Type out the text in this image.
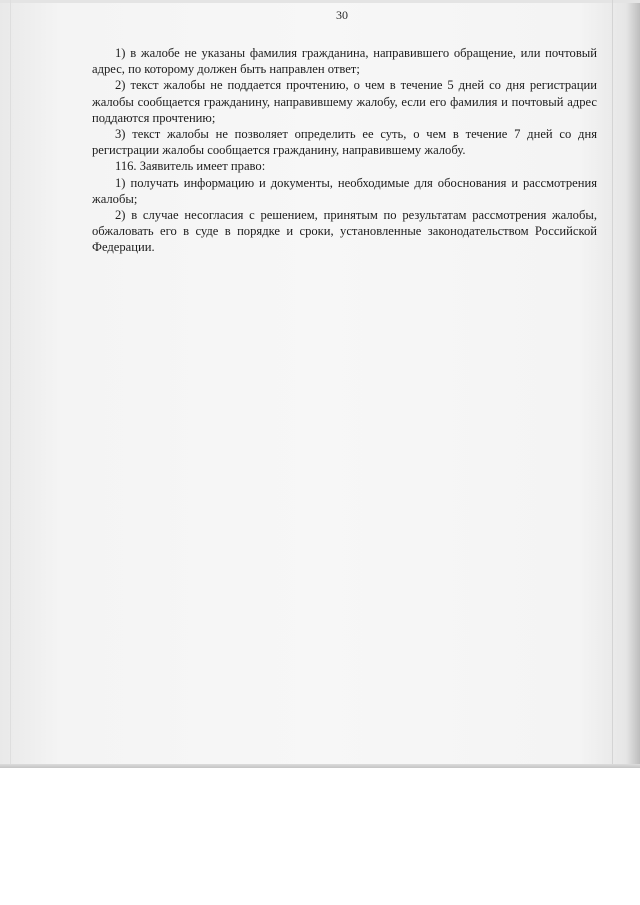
30

1) в жалобе не указаны фамилия гражданина, направившего обращение, или почтовый адрес, по которому должен быть направлен ответ;

2) текст жалобы не поддается прочтению, о чем в течение 5 дней со дня регистрации жалобы сообщается гражданину, направившему жалобу, если его фамилия и почтовый адрес поддаются прочтению;

3) текст жалобы не позволяет определить ее суть, о чем в течение 7 дней со дня регистрации жалобы сообщается гражданину, направившему жалобу.

116. Заявитель имеет право:

1) получать информацию и документы, необходимые для обоснования и рассмотрения жалобы;

2) в случае несогласия с решением, принятым по результатам рассмотрения жалобы, обжаловать его в суде в порядке и сроки, установленные законодательством Российской Федерации.
